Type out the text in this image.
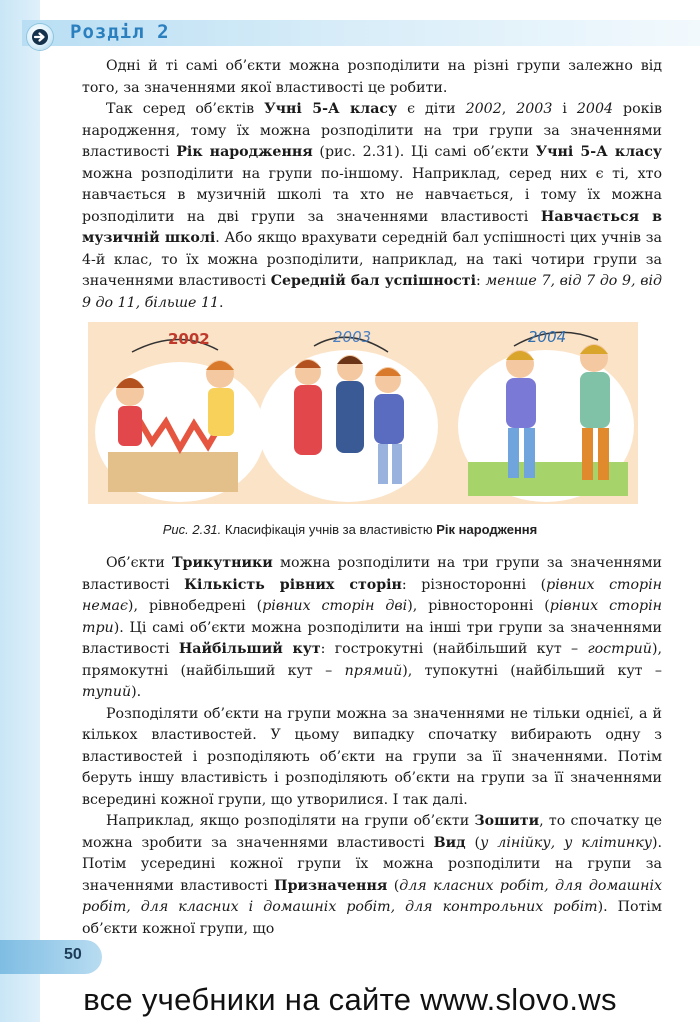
Розділ 2

Одні й ті самі об’єкти можна розподілити на різні групи залежно від того, за значеннями якої властивості це робити.

Так серед об’єктів Учні 5-А класу є діти 2002, 2003 і 2004 років народження, тому їх можна розподілити на три групи за значеннями властивості Рік народження (рис. 2.31). Ці самі об’єкти Учні 5-А класу можна розподілити на групи по-іншому. Наприклад, серед них є ті, хто навчається в музичній школі та хто не навчається, і тому їх можна розподілити на дві групи за значеннями властивості Навчається в музичній школі. Або якщо врахувати середній бал успішності цих учнів за 4-й клас, то їх можна розподілити, наприклад, на такі чотири групи за значеннями властивості Середній бал успішності: менше 7, від 7 до 9, від 9 до 11, більше 11.

2002	2003	2004
Рис. 2.31. Класифікація учнів за властивістю Рік народження

Об’єкти Трикутники можна розподілити на три групи за значеннями властивості Кількість рівних сторін: різносторонні (рівних сторін немає), рівнобедрені (рівних сторін дві), рівносторонні (рівних сторін три). Ці самі об’єкти можна розподілити на інші три групи за значеннями властивості Найбільший кут: гострокутні (найбільший кут – гострий), прямокутні (найбільший кут – прямий), тупокутні (найбільший кут – тупий).

Розподіляти об’єкти на групи можна за значеннями не тільки однієї, а й кількох властивостей. У цьому випадку спочатку вибирають одну з властивостей і розподіляють об’єкти на групи за її значеннями. Потім беруть іншу властивість і розподіляють об’єкти на групи за її значеннями всередині кожної групи, що утворилися. І так далі.

Наприклад, якщо розподіляти на групи об’єкти Зошити, то спочатку це можна зробити за значеннями властивості Вид (у лінійку, у клітинку). Потім усередині кожної групи їх можна розподілити на групи за значеннями властивості Призначення (для класних робіт, для домашніх робіт, для класних і домашніх робіт, для контрольних робіт). Потім об’єкти кожної групи, що

50
все учебники на сайте www.slovo.ws
